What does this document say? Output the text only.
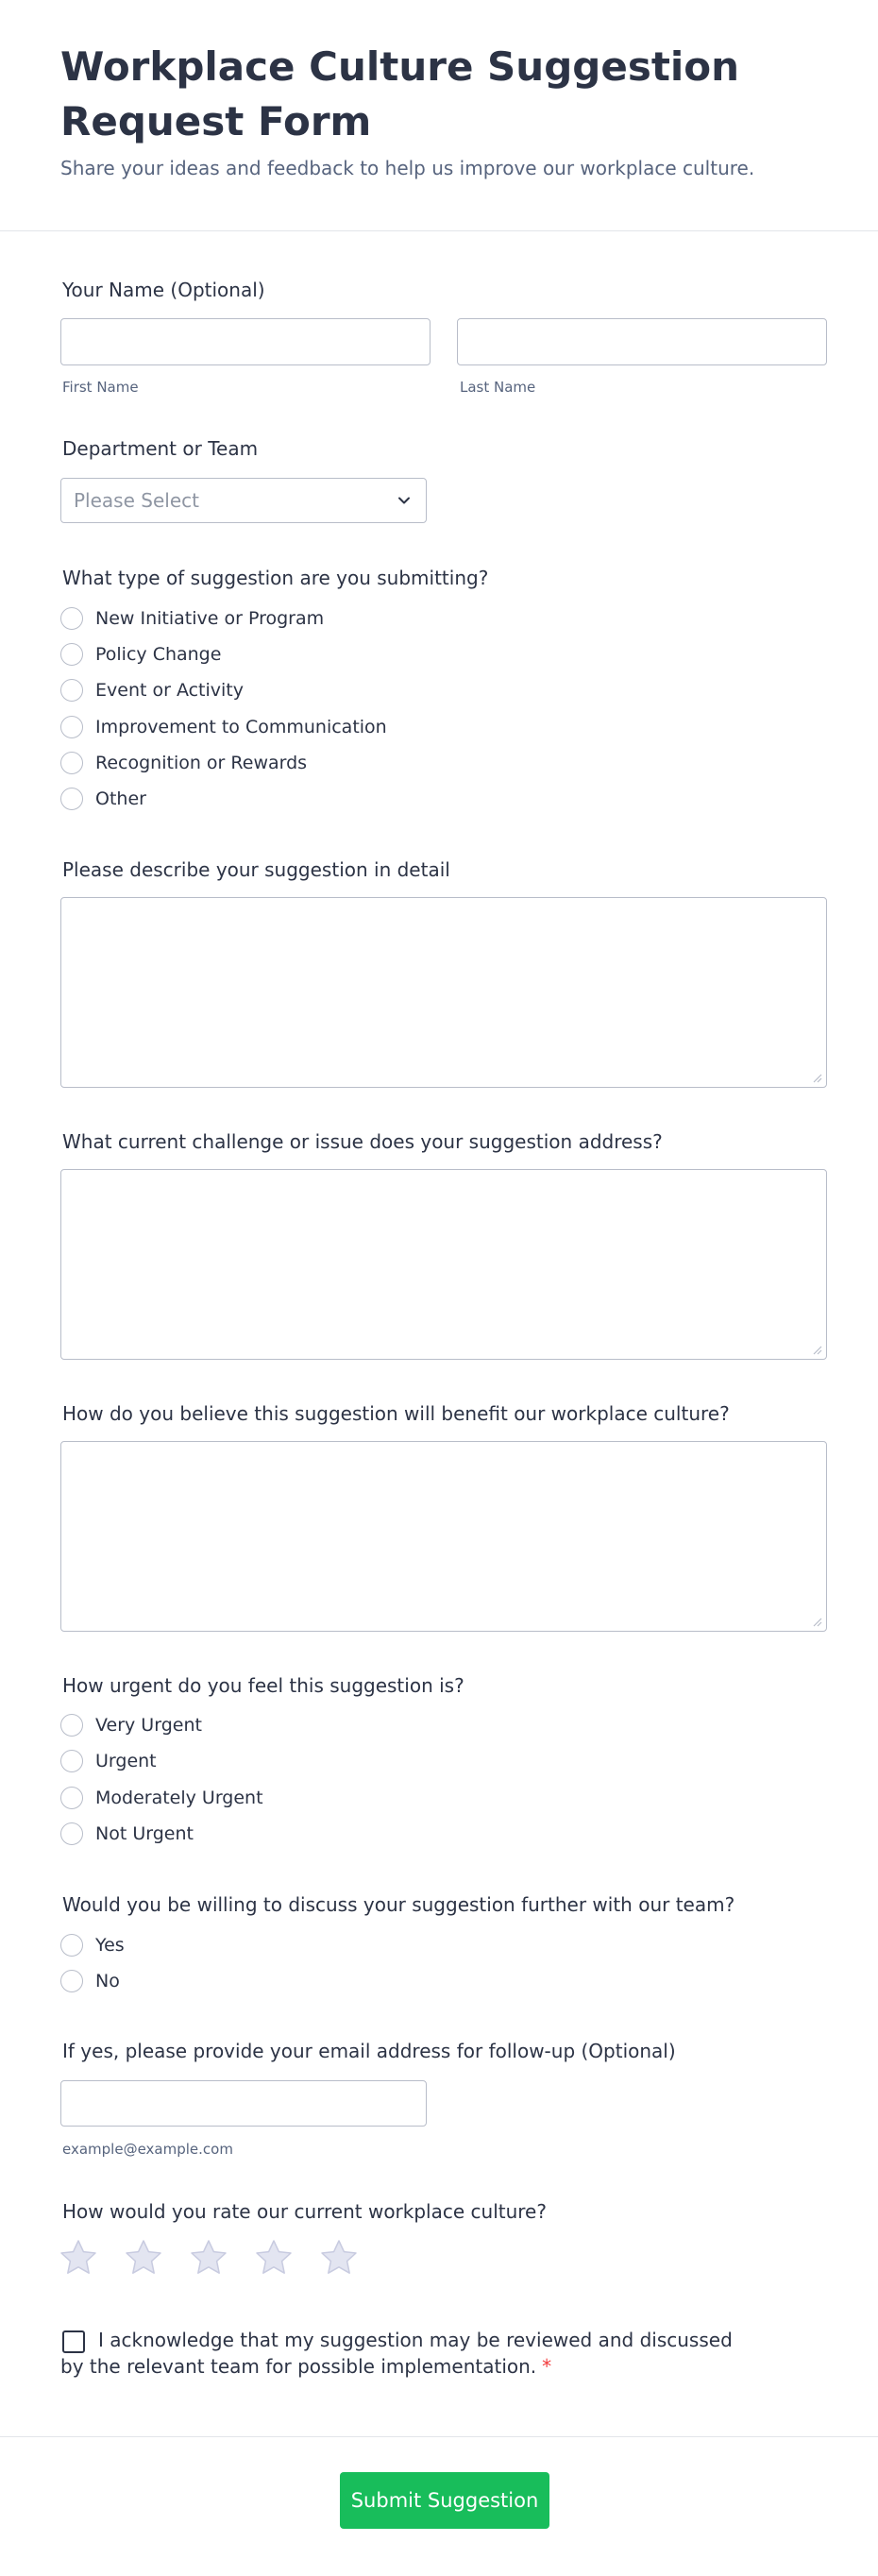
Workplace Culture Suggestion Request Form
Share your ideas and feedback to help us improve our workplace culture.
Your Name (Optional)
First Name	Last Name
Department or Team
Please Select
What type of suggestion are you submitting?
New Initiative or Program
Policy Change
Event or Activity
Improvement to Communication
Recognition or Rewards
Other
Please describe your suggestion in detail
What current challenge or issue does your suggestion address?
How do you believe this suggestion will benefit our workplace culture?
How urgent do you feel this suggestion is?
Very Urgent
Urgent
Moderately Urgent
Not Urgent
Would you be willing to discuss your suggestion further with our team?
Yes
No
If yes, please provide your email address for follow-up (Optional)
example@example.com
How would you rate our current workplace culture?
I acknowledge that my suggestion may be reviewed and discussed by the relevant team for possible implementation. *
Submit Suggestion
